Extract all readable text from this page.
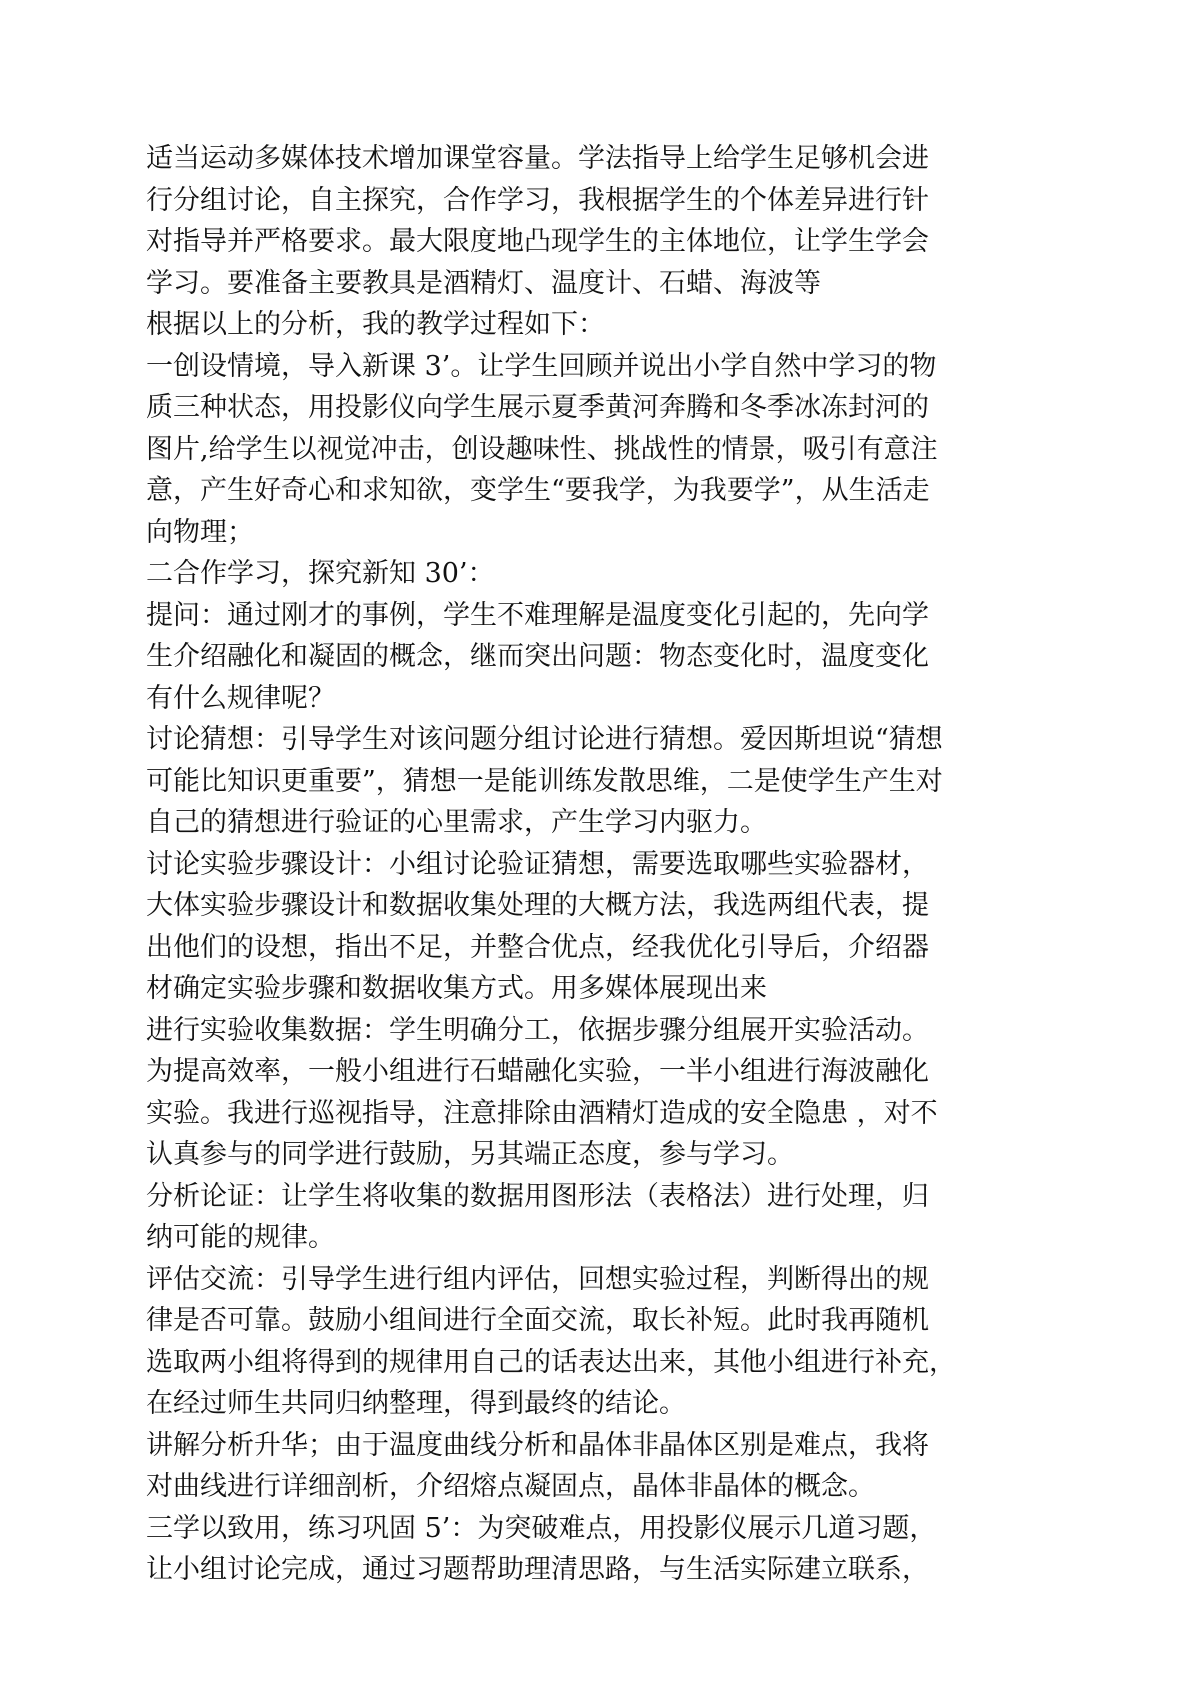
适当运动多媒体技术增加课堂容量。学法指导上给学生足够机会进
行分组讨论，自主探究，合作学习，我根据学生的个体差异进行针
对指导并严格要求。最大限度地凸现学生的主体地位，让学生学会
学习。要准备主要教具是酒精灯、温度计、石蜡、海波等
根据以上的分析，我的教学过程如下：
一创设情境，导入新课 3’。让学生回顾并说出小学自然中学习的物
质三种状态，用投影仪向学生展示夏季黄河奔腾和冬季冰冻封河的
图片,给学生以视觉冲击，创设趣味性、挑战性的情景，吸引有意注
意，产生好奇心和求知欲，变学生“要我学，为我要学”，从生活走
向物理；
二合作学习，探究新知 30’：
提问：通过刚才的事例，学生不难理解是温度变化引起的，先向学
生介绍融化和凝固的概念，继而突出问题：物态变化时，温度变化
有什么规律呢？
讨论猜想：引导学生对该问题分组讨论进行猜想。爱因斯坦说“猜想
可能比知识更重要”，猜想一是能训练发散思维，二是使学生产生对
自己的猜想进行验证的心里需求，产生学习内驱力。
讨论实验步骤设计：小组讨论验证猜想，需要选取哪些实验器材，
大体实验步骤设计和数据收集处理的大概方法，我选两组代表，提
出他们的设想，指出不足，并整合优点，经我优化引导后，介绍器
材确定实验步骤和数据收集方式。用多媒体展现出来
进行实验收集数据：学生明确分工，依据步骤分组展开实验活动。
为提高效率，一般小组进行石蜡融化实验，一半小组进行海波融化
实验。我进行巡视指导，注意排除由酒精灯造成的安全隐患 ，对不
认真参与的同学进行鼓励，另其端正态度，参与学习。
分析论证：让学生将收集的数据用图形法（表格法）进行处理，归
纳可能的规律。
评估交流：引导学生进行组内评估，回想实验过程，判断得出的规
律是否可靠。鼓励小组间进行全面交流，取长补短。此时我再随机
选取两小组将得到的规律用自己的话表达出来，其他小组进行补充，
在经过师生共同归纳整理，得到最终的结论。
讲解分析升华；由于温度曲线分析和晶体非晶体区别是难点，我将
对曲线进行详细剖析，介绍熔点凝固点，晶体非晶体的概念。
三学以致用，练习巩固 5’：为突破难点，用投影仪展示几道习题，
让小组讨论完成，通过习题帮助理清思路，与生活实际建立联系，
